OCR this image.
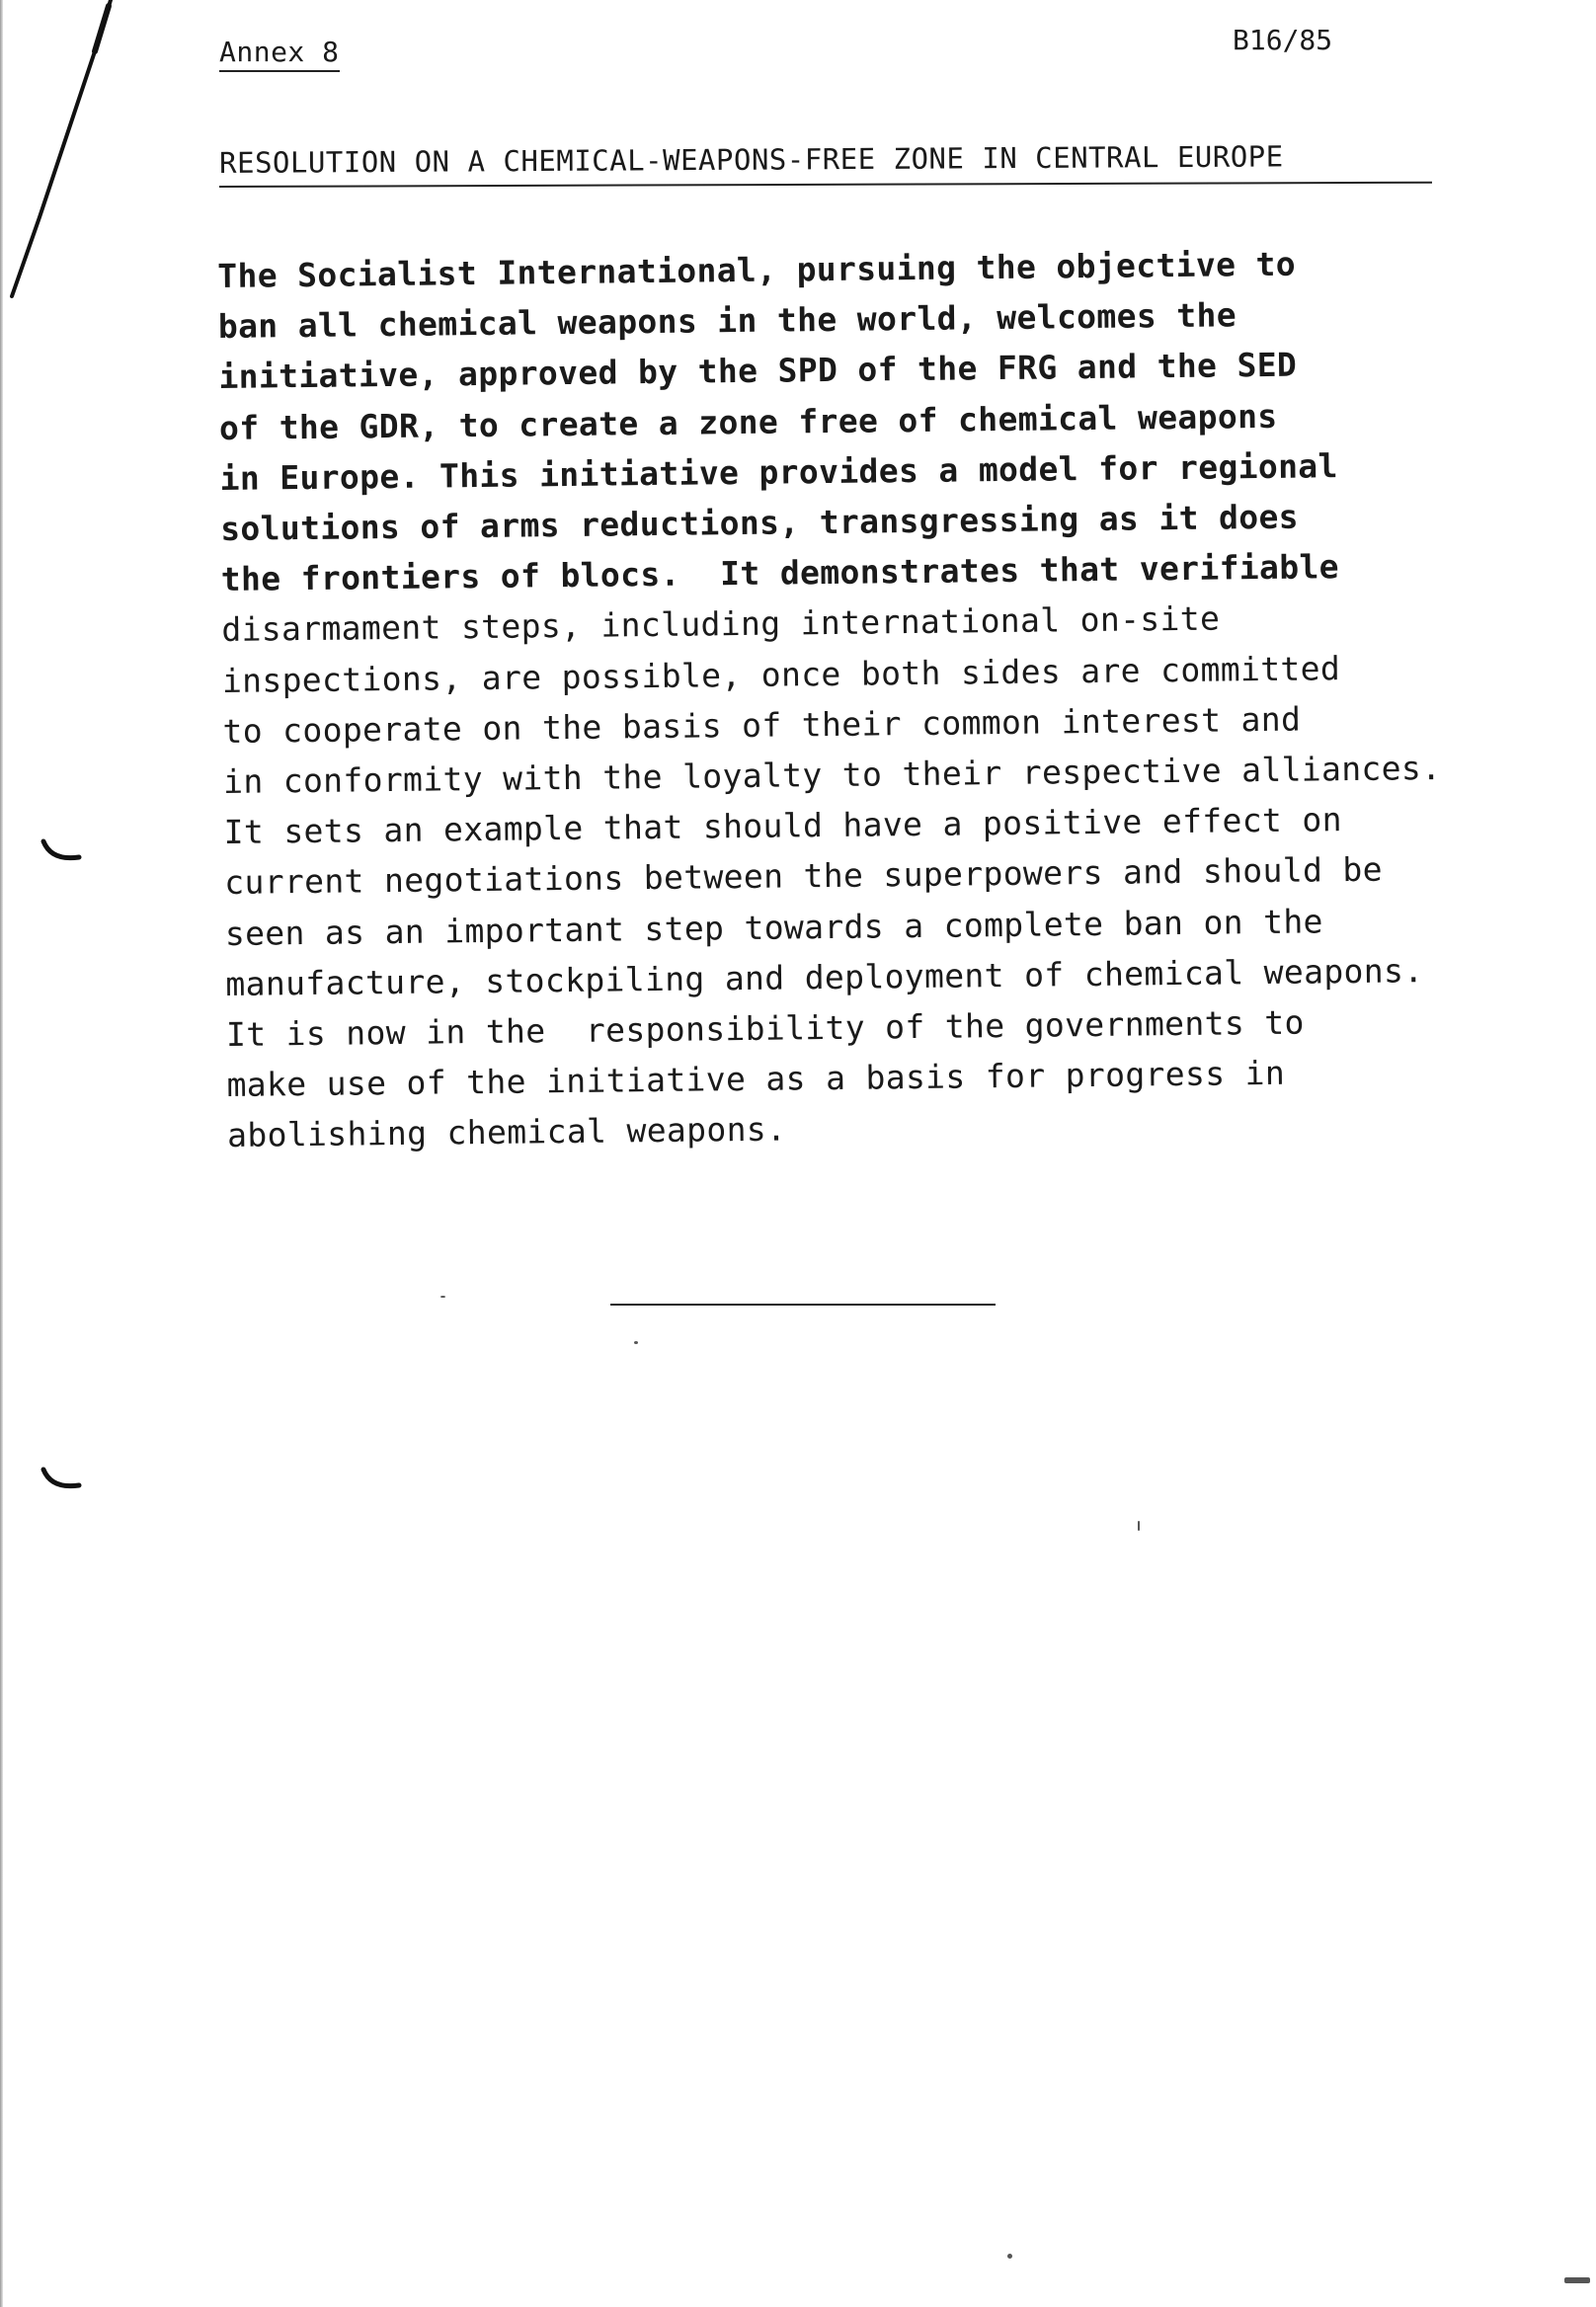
Annex 8	B16/85
RESOLUTION ON A CHEMICAL-WEAPONS-FREE ZONE IN CENTRAL EUROPE
The Socialist International, pursuing the objective to
ban all chemical weapons in the world, welcomes the
initiative, approved by the SPD of the FRG and the SED
of the GDR, to create a zone free of chemical weapons
in Europe. This initiative provides a model for regional
solutions of arms reductions, transgressing as it does
the frontiers of blocs.  It demonstrates that verifiable
disarmament steps, including international on-site
inspections, are possible, once both sides are committed
to cooperate on the basis of their common interest and
in conformity with the loyalty to their respective alliances.
It sets an example that should have a positive effect on
current negotiations between the superpowers and should be
seen as an important step towards a complete ban on the
manufacture, stockpiling and deployment of chemical weapons.
It is now in the  responsibility of the governments to
make use of the initiative as a basis for progress in
abolishing chemical weapons.
